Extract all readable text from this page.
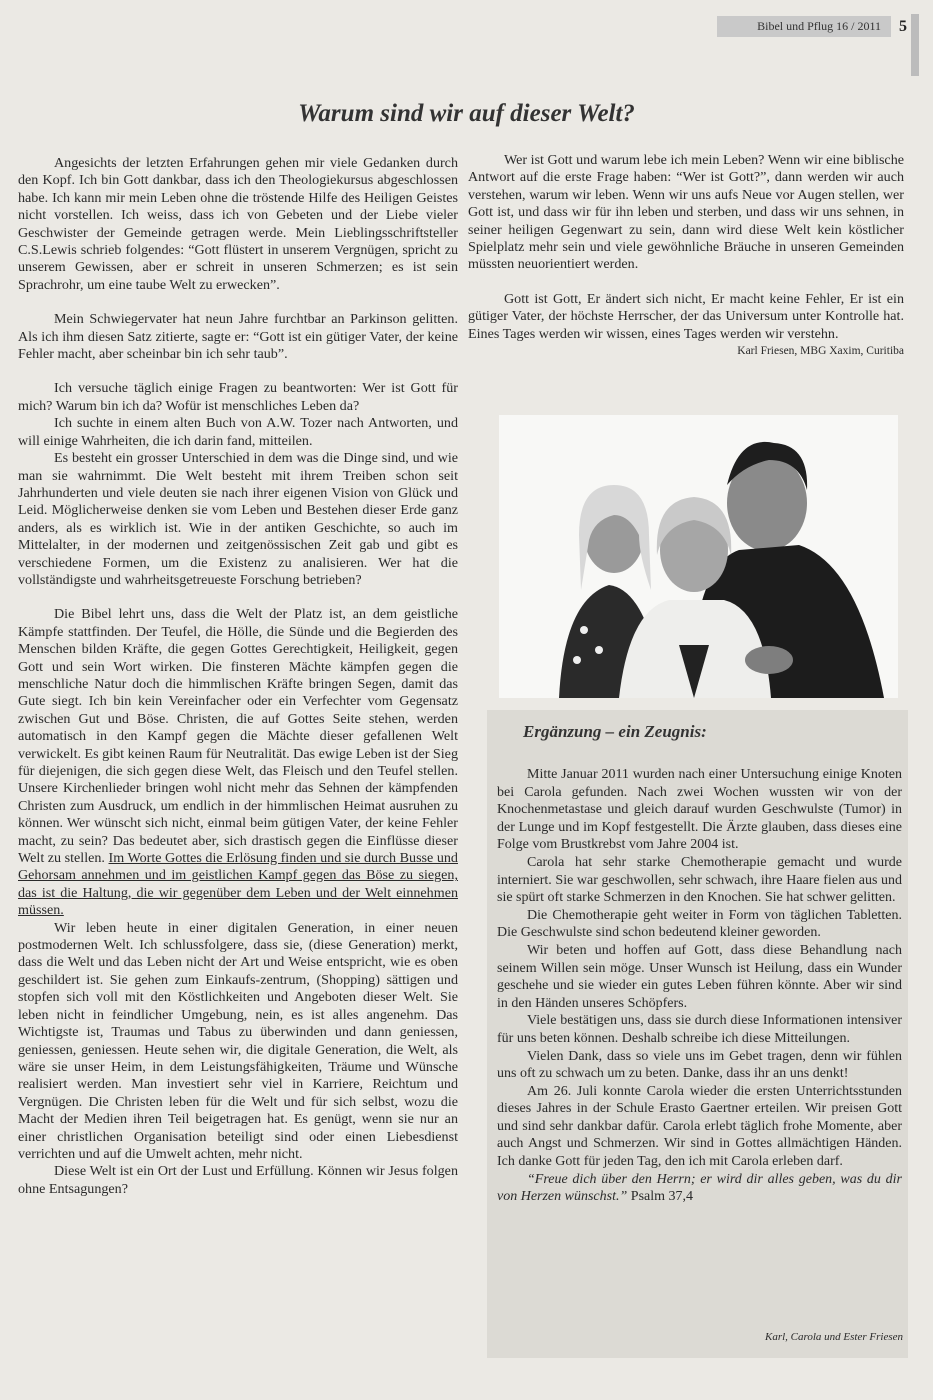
Bibel und Pflug 16 / 2011	5
Warum sind wir auf dieser Welt?

Angesichts der letzten Erfahrungen gehen mir viele Gedanken durch den Kopf. Ich bin Gott dankbar, dass ich den Theologiekursus abgeschlossen habe. Ich kann mir mein Leben ohne die tröstende Hilfe des Heiligen Geistes nicht vorstellen. Ich weiss, dass ich von Gebeten und der Liebe vieler Geschwister der Gemeinde getragen werde. Mein Lieblingsschriftsteller C.S.Lewis schrieb folgendes: “Gott flüstert in unserem Vergnügen, spricht zu unserem Gewissen, aber er schreit in unseren Schmerzen; es ist sein Sprachrohr, um eine taube Welt zu erwecken”.

Mein Schwiegervater hat neun Jahre furchtbar an Parkinson gelitten. Als ich ihm diesen Satz zitierte, sagte er: “Gott ist ein gütiger Vater, der keine Fehler macht, aber scheinbar bin ich sehr taub”.

Ich versuche täglich einige Fragen zu beantworten: Wer ist Gott für mich? Warum bin ich da? Wofür ist menschliches Leben da?

Ich suchte in einem alten Buch von A.W. Tozer nach Antworten, und will einige Wahrheiten, die ich darin fand, mitteilen.

Es besteht ein grosser Unterschied in dem was die Dinge sind, und wie man sie wahrnimmt. Die Welt besteht mit ihrem Treiben schon seit Jahrhunderten und viele deuten sie nach ihrer eigenen Vision von Glück und Leid. Möglicherweise denken sie vom Leben und Bestehen dieser Erde ganz anders, als es wirklich ist. Wie in der antiken Geschichte, so auch im Mittelalter, in der modernen und zeitgenössischen Zeit gab und gibt es verschiedene Formen, um die Existenz zu analisieren. Wer hat die vollständigste und wahrheitsgetreueste Forschung betrieben?

Die Bibel lehrt uns, dass die Welt der Platz ist, an dem geistliche Kämpfe stattfinden. Der Teufel, die Hölle, die Sünde und die Begierden des Menschen bilden Kräfte, die gegen Gottes Gerechtigkeit, Heiligkeit, gegen Gott und sein Wort wirken. Die finsteren Mächte kämpfen gegen die menschliche Natur doch die himmlischen Kräfte bringen Segen, damit das Gute siegt. Ich bin kein Vereinfacher oder ein Verfechter vom Gegensatz zwischen Gut und Böse. Christen, die auf Gottes Seite stehen, werden automatisch in den Kampf gegen die Mächte dieser gefallenen Welt verwickelt. Es gibt keinen Raum für Neutralität. Das ewige Leben ist der Sieg für diejenigen, die sich gegen diese Welt, das Fleisch und den Teufel stellen. Unsere Kirchenlieder bringen wohl nicht mehr das Sehnen der kämpfenden Christen zum Ausdruck, um endlich in der himmlischen Heimat ausruhen zu können. Wer wünscht sich nicht, einmal beim gütigen Vater, der keine Fehler macht, zu sein? Das bedeutet aber, sich drastisch gegen die Einflüsse dieser Welt zu stellen. Im Worte Gottes die Erlösung finden und sie durch Busse und Gehorsam annehmen und im geistlichen Kampf gegen das Böse zu siegen, das ist die Haltung, die wir gegenüber dem Leben und der Welt einnehmen müssen.

Wir leben heute in einer digitalen Generation, in einer neuen postmodernen Welt. Ich schlussfolgere, dass sie, (diese Generation) merkt, dass die Welt und das Leben nicht der Art und Weise entspricht, wie es oben geschildert ist. Sie gehen zum Einkaufs-zentrum, (Shopping) sättigen und stopfen sich voll mit den Köstlichkeiten und Angeboten dieser Welt. Sie leben nicht in feindlicher Umgebung, nein, es ist alles angenehm. Das Wichtigste ist, Traumas und Tabus zu überwinden und dann geniessen, geniessen, geniessen. Heute sehen wir, die digitale Generation, die Welt, als wäre sie unser Heim, in dem Leistungsfähigkeiten, Träume und Wünsche realisiert werden. Man investiert sehr viel in Karriere, Reichtum und Vergnügen. Die Christen leben für die Welt und für sich selbst, wozu die Macht der Medien ihren Teil beigetragen hat. Es genügt, wenn sie nur an einer christlichen Organisation beteiligt sind oder einen Liebesdienst verrichten und auf die Umwelt achten, mehr nicht.

Diese Welt ist ein Ort der Lust und Erfüllung. Können wir Jesus folgen ohne Entsagungen?

Wer ist Gott und warum lebe ich mein Leben? Wenn wir eine biblische Antwort auf die erste Frage haben: “Wer ist Gott?”, dann werden wir auch verstehen, warum wir leben. Wenn wir uns aufs Neue vor Augen stellen, wer Gott ist, und dass wir für ihn leben und sterben, und dass wir uns sehnen, in seiner heiligen Gegenwart zu sein, dann wird diese Welt kein köstlicher Spielplatz mehr sein und viele gewöhnliche Bräuche in unseren Gemeinden müssten neuorientiert werden.

Gott ist Gott, Er ändert sich nicht, Er macht keine Fehler, Er ist ein gütiger Vater, der höchste Herrscher, der das Universum unter Kontrolle hat. Eines Tages werden wir wissen, eines Tages werden wir verstehn.

Karl Friesen, MBG Xaxim, Curitiba

Ergänzung – ein Zeugnis:

Mitte Januar 2011 wurden nach einer Untersuchung einige Knoten bei Carola gefunden. Nach zwei Wochen wussten wir von der Knochenmetastase und gleich darauf wurden Geschwulste (Tumor) in der Lunge und im Kopf festgestellt. Die Ärzte glauben, dass dieses eine Folge vom Brustkrebst vom Jahre 2004 ist.

Carola hat sehr starke Chemotherapie gemacht und wurde interniert. Sie war geschwollen, sehr schwach, ihre Haare fielen aus und sie spürt oft starke Schmerzen in den Knochen. Sie hat schwer gelitten.

Die Chemotherapie geht weiter in Form von täglichen Tabletten. Die Geschwulste sind schon bedeutend kleiner geworden.

Wir beten und hoffen auf Gott, dass diese Behandlung nach seinem Willen sein möge. Unser Wunsch ist Heilung, dass ein Wunder geschehe und sie wieder ein gutes Leben führen könnte. Aber wir sind in den Händen unseres Schöpfers.

Viele bestätigen uns, dass sie durch diese Informationen intensiver für uns beten können. Deshalb schreibe ich diese Mitteilungen.

Vielen Dank, dass so viele uns im Gebet tragen, denn wir fühlen uns oft zu schwach um zu beten. Danke, dass ihr an uns denkt!

Am 26. Juli konnte Carola wieder die ersten Unterrichtsstunden dieses Jahres in der Schule Erasto Gaertner erteilen. Wir preisen Gott und sind sehr dankbar dafür. Carola erlebt täglich frohe Momente, aber auch Angst und Schmerzen. Wir sind in Gottes allmächtigen Händen. Ich danke Gott für jeden Tag, den ich mit Carola erleben darf.

“Freue dich über den Herrn; er wird dir alles geben, was du dir von Herzen wünschst.” Psalm 37,4

Karl, Carola und Ester Friesen
